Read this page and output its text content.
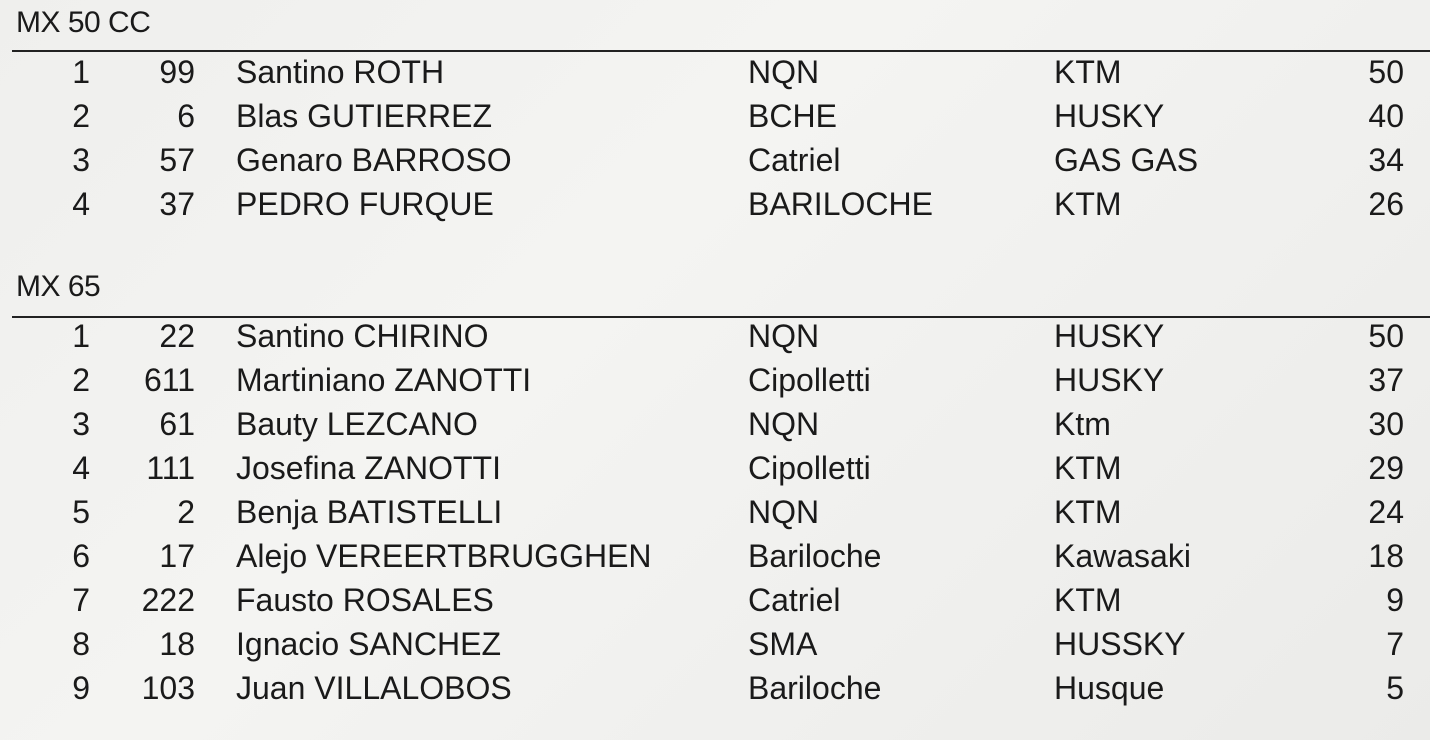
MX 50 CC
1	99 Santino ROTH	NQN	KTM	50
2	6 Blas GUTIERREZ	BCHE	HUSKY	40
3	57 Genaro BARROSO	Catriel	GAS GAS	34
4	37 PEDRO FURQUE	BARILOCHE	KTM	26
MX 65
1	22 Santino CHIRINO	NQN	HUSKY	50
2	611 Martiniano ZANOTTI	Cipolletti	HUSKY	37
3	61 Bauty LEZCANO	NQN	Ktm	30
4	111 Josefina ZANOTTI	Cipolletti	KTM	29
5	2 Benja BATISTELLI	NQN	KTM	24
6	17 Alejo VEREERTBRUGGHEN	Bariloche	Kawasaki	18
7	222 Fausto ROSALES	Catriel	KTM	9
8	18 Ignacio SANCHEZ	SMA	HUSSKY	7
9	103 Juan VILLALOBOS	Bariloche	Husque	5
